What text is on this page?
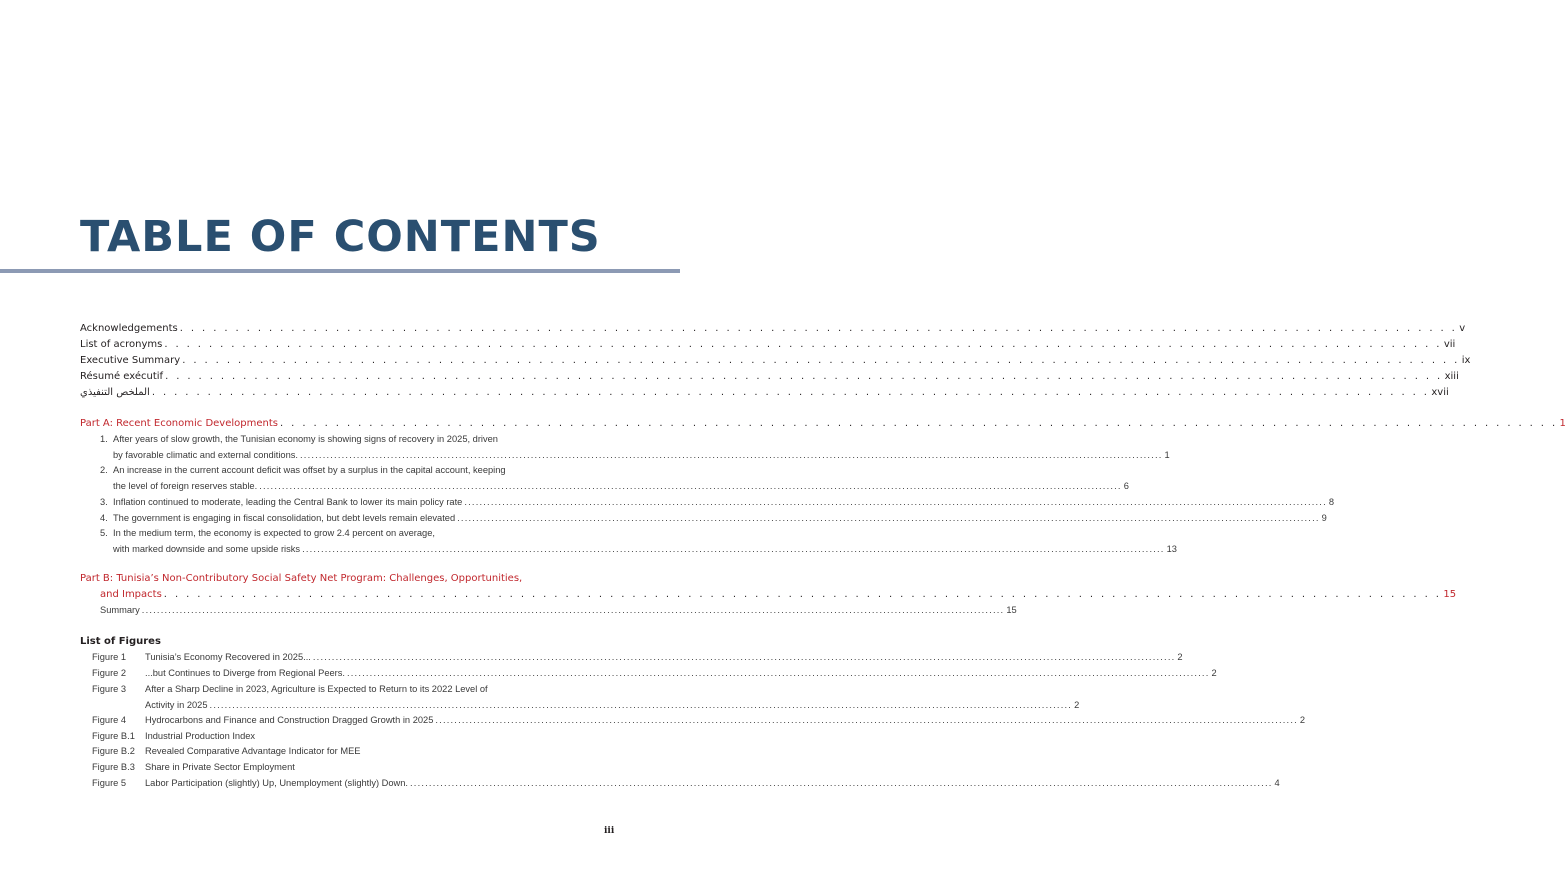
TABLE OF CONTENTS
Acknowledgements . . . . . . . . . . . . . . . . . . . . . . . . . . . . . . . . . . . . . . . . . . . . . . . . . . . . . . . . . . . . . . . . . . . . . . . . . . . . . . . . . . . . . . . . . . . . . . . . . . . . . . . . . . . . . . . . . . . v
List of acronyms . . . . . . . . . . . . . . . . . . . . . . . . . . . . . . . . . . . . . . . . . . . . . . . . . . . . . . . . . . . . . . . . . . . . . . . . . . . . . . . . . . . . . . . . . . . . . . . . . . . . . . . . . . . . . . . . . . . vii
Executive Summary . . . . . . . . . . . . . . . . . . . . . . . . . . . . . . . . . . . . . . . . . . . . . . . . . . . . . . . . . . . . . . . . . . . . . . . . . . . . . . . . . . . . . . . . . . . . . . . . . . . . . . . . . . . . . . . . . . . ix
Résumé exécutif . . . . . . . . . . . . . . . . . . . . . . . . . . . . . . . . . . . . . . . . . . . . . . . . . . . . . . . . . . . . . . . . . . . . . . . . . . . . . . . . . . . . . . . . . . . . . . . . . . . . . . . . . . . . . . . . . . . xiii
الملخص التنفيذي . . . . . . . . . . . . . . . . . . . . . . . . . . . . . . . . . . . . . . . . . . . . . . . . . . . . . . . . . . . . . . . . . . . . . . . . . . . . . . . . . . . . . . . . . . . . . . . . . . . . . . . . . . . . . . . . . . . xvii
Part A: Recent Economic Developments . . . . . . . . . . . . . . . . . . . . . . . . . . . . . . . . . . . . . . . . . . . . . . . . . . . . . . . . . . . . . . . . . . . . . . . . . . . . . . . . . . . . . . . . . . . . . . . . . . . . . . . . . . . . . . . . . . . 1
1. After years of slow growth, the Tunisian economy is showing signs of recovery in 2025, driven
by favorable climatic and external conditions. .................................................................................................................................................................................................................................... 1
2. An increase in the current account deficit was offset by a surplus in the capital account, keeping
the level of foreign reserves stable. .................................................................................................................................................................................................................................... 6
3. Inflation continued to moderate, leading the Central Bank to lower its main policy rate .................................................................................................................................................................................................................................... 8
4. The government is engaging in fiscal consolidation, but debt levels remain elevated .................................................................................................................................................................................................................................... 9
5. In the medium term, the economy is expected to grow 2.4 percent on average,
with marked downside and some upside risks .................................................................................................................................................................................................................................... 13
Part B: Tunisia’s Non-Contributory Social Safety Net Program: Challenges, Opportunities,
and Impacts . . . . . . . . . . . . . . . . . . . . . . . . . . . . . . . . . . . . . . . . . . . . . . . . . . . . . . . . . . . . . . . . . . . . . . . . . . . . . . . . . . . . . . . . . . . . . . . . . . . . . . . . . . . . . . . . . . . 15
Summary .................................................................................................................................................................................................................................... 15
List of Figures
Figure 1 Tunisia’s Economy Recovered in 2025... .................................................................................................................................................................................................................................... 2
Figure 2 ...but Continues to Diverge from Regional Peers. .................................................................................................................................................................................................................................... 2
Figure 3 After a Sharp Decline in 2023, Agriculture is Expected to Return to its 2022 Level of
Activity in 2025 .................................................................................................................................................................................................................................... 2
Figure 4 Hydrocarbons and Finance and Construction Dragged Growth in 2025 .................................................................................................................................................................................................................................... 2
Figure B.1 Industrial Production Index
Figure B.2 Revealed Comparative Advantage Indicator for MEE
Figure B.3 Share in Private Sector Employment
Figure 5 Labor Participation (slightly) Up, Unemployment (slightly) Down. .................................................................................................................................................................................................................................... 4
iii
